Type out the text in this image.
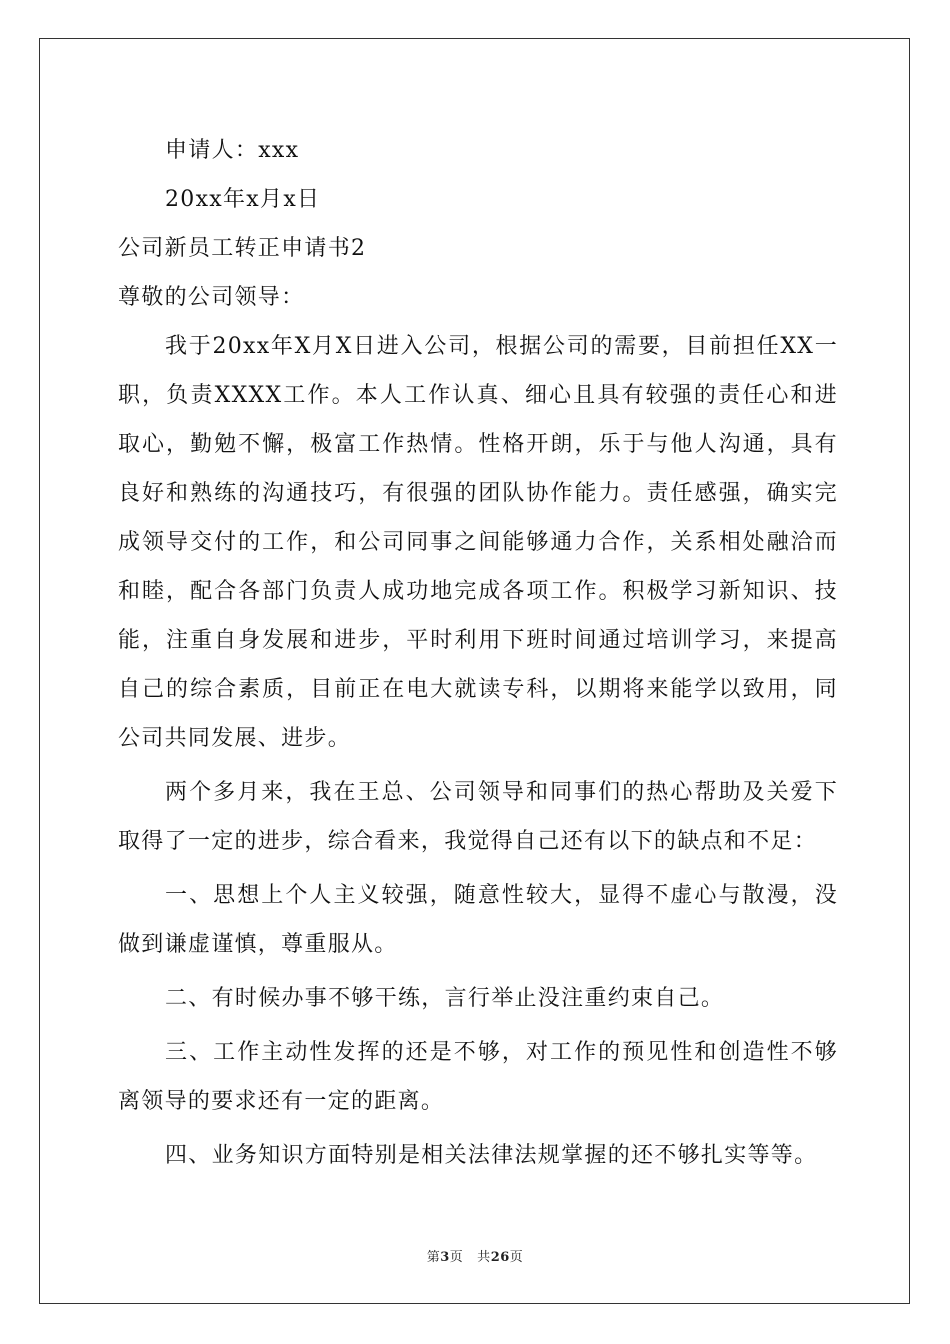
申请人：xxx

20xx年x月x日

公司新员工转正申请书2

尊敬的公司领导：

我于20xx年X月X日进入公司，根据公司的需要，目前担任XX一职，负责XXXX工作。本人工作认真、细心且具有较强的责任心和进取心，勤勉不懈，极富工作热情。性格开朗，乐于与他人沟通，具有良好和熟练的沟通技巧，有很强的团队协作能力。责任感强，确实完成领导交付的工作，和公司同事之间能够通力合作，关系相处融洽而和睦，配合各部门负责人成功地完成各项工作。积极学习新知识、技能，注重自身发展和进步，平时利用下班时间通过培训学习，来提高自己的综合素质，目前正在电大就读专科，以期将来能学以致用，同公司共同发展、进步。

两个多月来，我在王总、公司领导和同事们的热心帮助及关爱下取得了一定的进步，综合看来，我觉得自己还有以下的缺点和不足：

一、思想上个人主义较强，随意性较大，显得不虚心与散漫，没做到谦虚谨慎，尊重服从。

二、有时候办事不够干练，言行举止没注重约束自己。

三、工作主动性发挥的还是不够，对工作的预见性和创造性不够离领导的要求还有一定的距离。

四、业务知识方面特别是相关法律法规掌握的还不够扎实等等。

第3页 共26页
